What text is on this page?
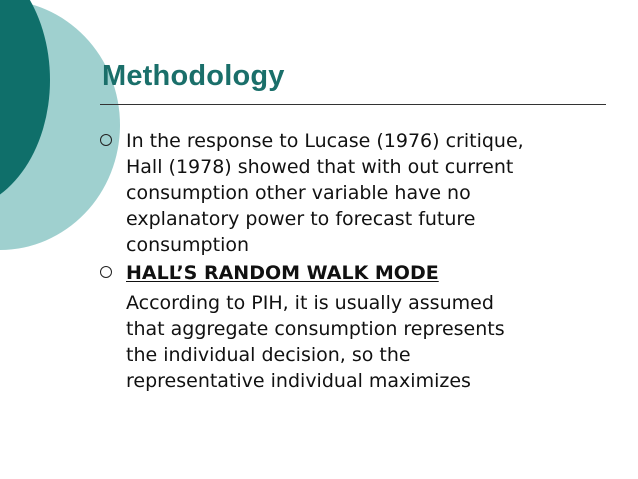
Methodology
In the response to Lucase (1976) critique,
Hall (1978) showed that with out current
consumption other variable have no
explanatory power to forecast future
consumption
HALL’S RANDOM WALK MODE
According to PIH, it is usually assumed
that aggregate consumption represents
the individual decision, so the
representative individual maximizes
